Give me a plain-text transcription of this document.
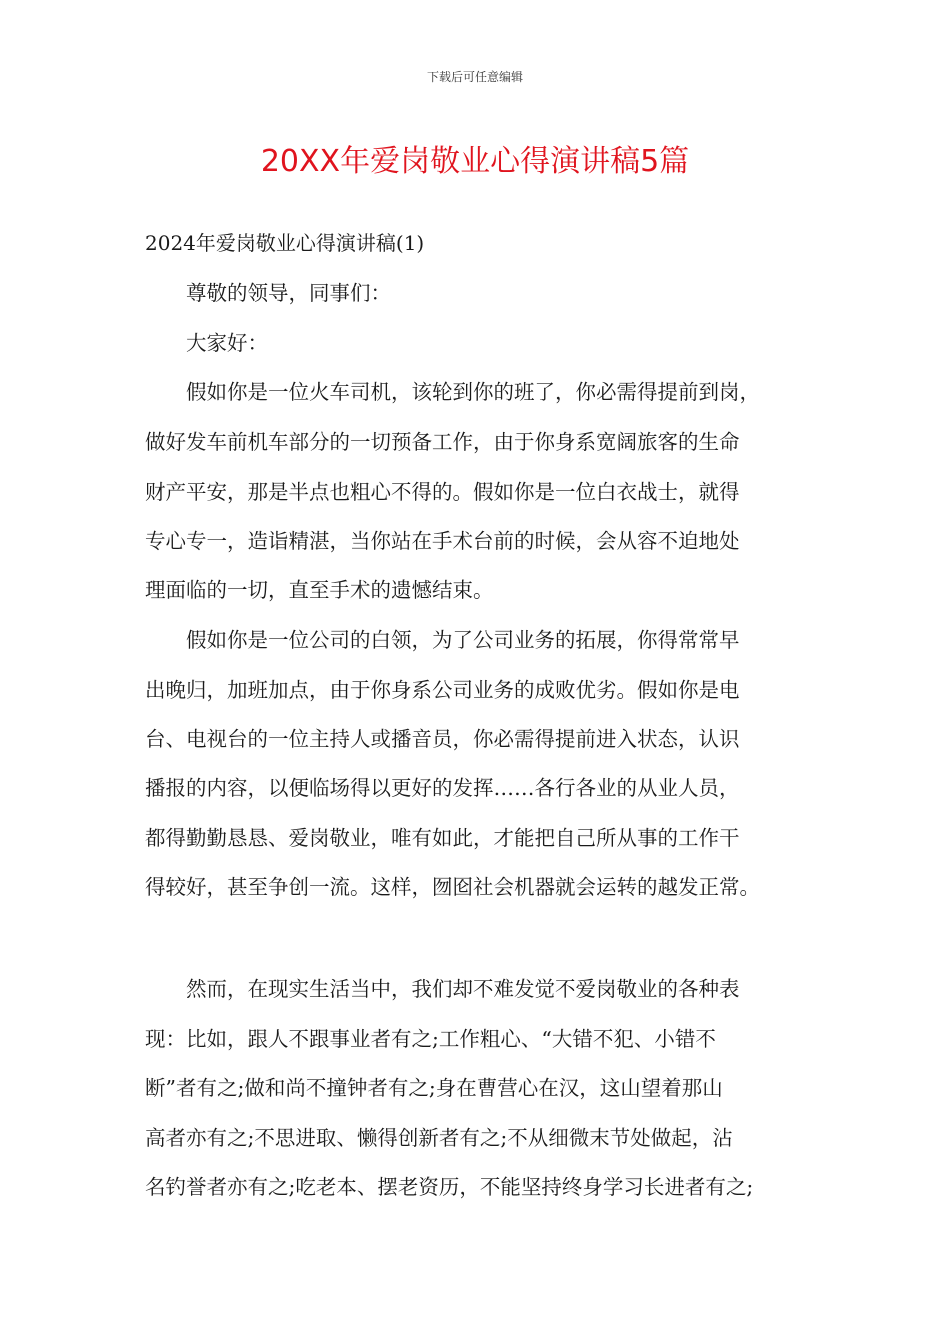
下载后可任意编辑
20XX年爱岗敬业心得演讲稿5篇
2024年爱岗敬业心得演讲稿(1)
　　尊敬的领导，同事们：
　　大家好：
　　假如你是一位火车司机，该轮到你的班了，你必需得提前到岗，
做好发车前机车部分的一切预备工作，由于你身系宽阔旅客的生命
财产平安，那是半点也粗心不得的。假如你是一位白衣战士，就得
专心专一，造诣精湛，当你站在手术台前的时候，会从容不迫地处
理面临的一切，直至手术的遗憾结束。
　　假如你是一位公司的白领，为了公司业务的拓展，你得常常早
出晚归，加班加点，由于你身系公司业务的成败优劣。假如你是电
台、电视台的一位主持人或播音员，你必需得提前进入状态，认识
播报的内容，以便临场得以更好的发挥……各行各业的从业人员，
都得勤勤恳恳、爱岗敬业，唯有如此，才能把自己所从事的工作干
得较好，甚至争创一流。这样，囫囵社会机器就会运转的越发正常。
　　然而，在现实生活当中，我们却不难发觉不爱岗敬业的各种表
现：比如，跟人不跟事业者有之;工作粗心、“大错不犯、小错不
断”者有之;做和尚不撞钟者有之;身在曹营心在汉，这山望着那山
高者亦有之;不思进取、懒得创新者有之;不从细微末节处做起，沾
名钓誉者亦有之;吃老本、摆老资历，不能坚持终身学习长进者有之;
